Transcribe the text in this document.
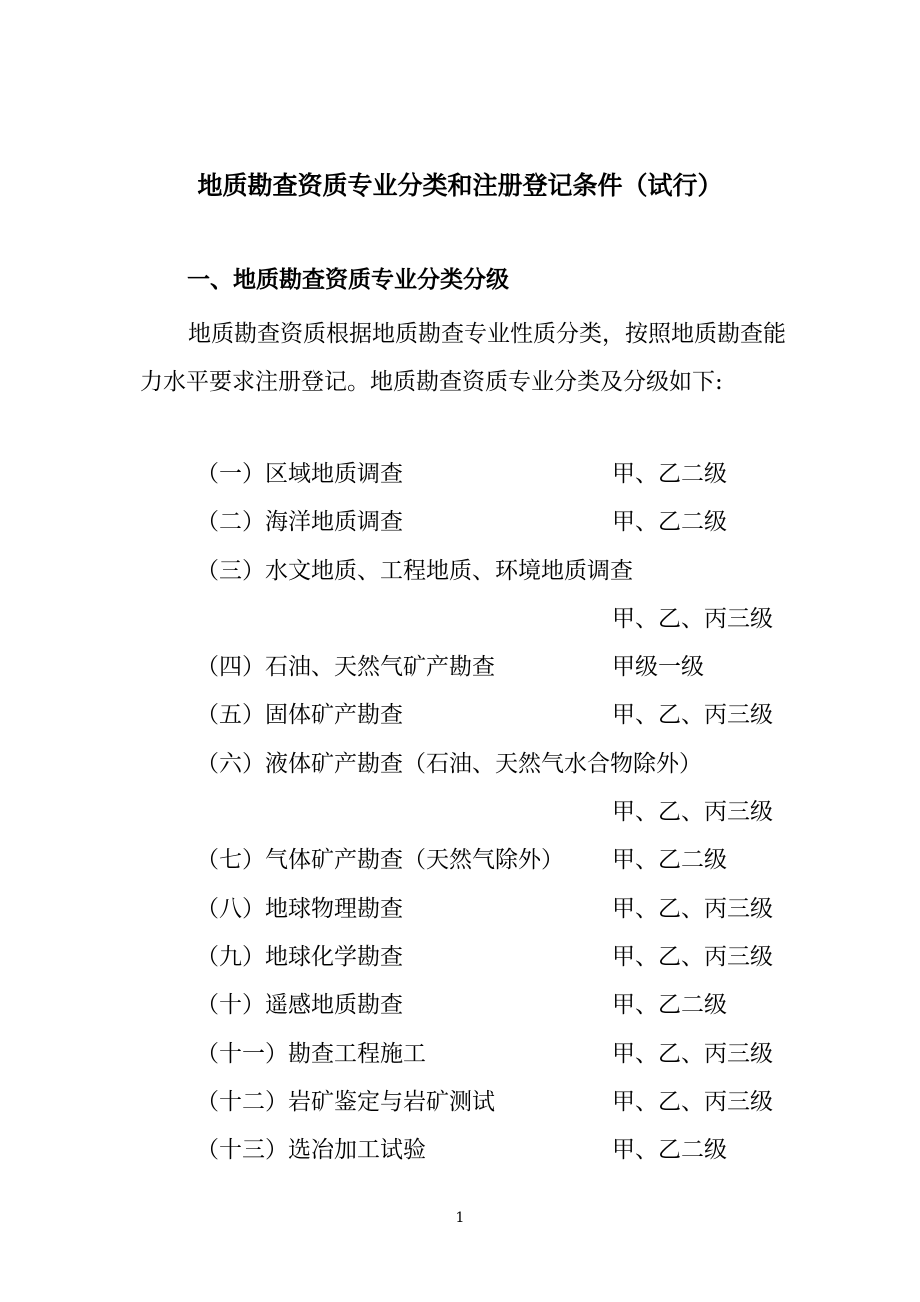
地质勘查资质专业分类和注册登记条件（试行）
一、地质勘查资质专业分类分级
地质勘查资质根据地质勘查专业性质分类，按照地质勘查能力水平要求注册登记。地质勘查资质专业分类及分级如下:
（一）区域地质调查	甲、乙二级
（二）海洋地质调查	甲、乙二级
（三）水文地质、工程地质、环境地质调查
甲、乙、丙三级
（四）石油、天然气矿产勘查	甲级一级
（五）固体矿产勘查	甲、乙、丙三级
（六）液体矿产勘查（石油、天然气水合物除外）
甲、乙、丙三级
（七）气体矿产勘查（天然气除外） 甲、乙二级
（八）地球物理勘查	甲、乙、丙三级
（九）地球化学勘查	甲、乙、丙三级
（十）遥感地质勘查	甲、乙二级
（十一）勘查工程施工	甲、乙、丙三级
（十二）岩矿鉴定与岩矿测试	甲、乙、丙三级
（十三）选冶加工试验	甲、乙二级
1
